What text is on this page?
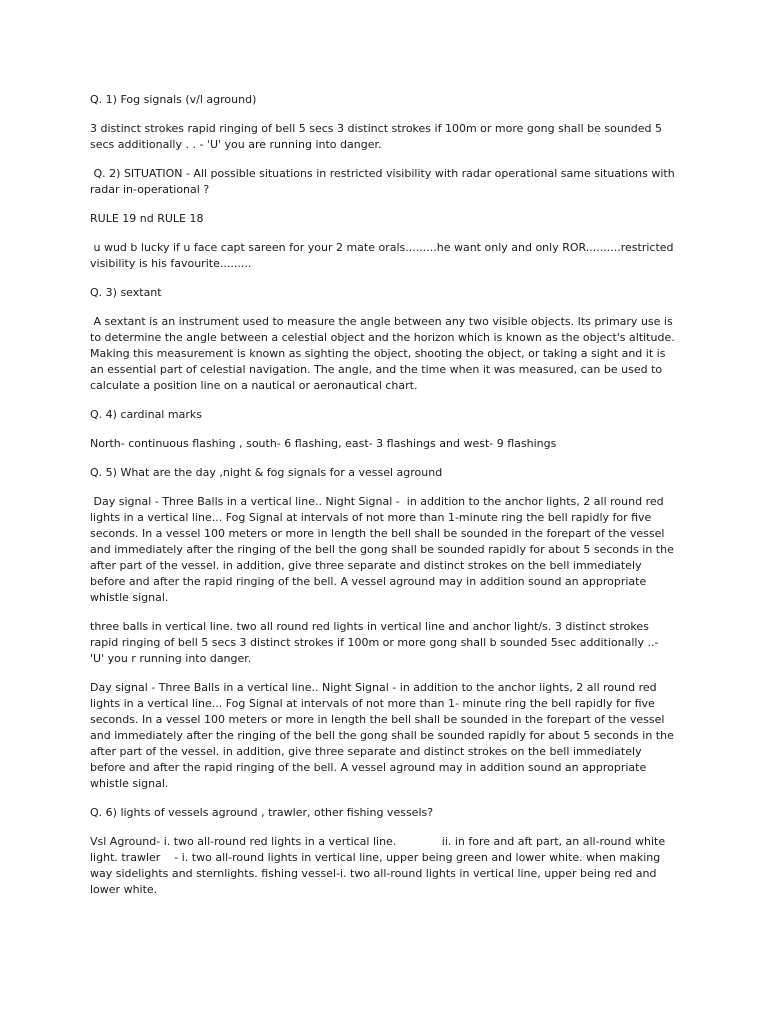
Q. 1) Fog signals (v/l aground)

3 distinct strokes rapid ringing of bell 5 secs 3 distinct strokes if 100m or more gong shall be sounded 5 secs additionally . . - 'U' you are running into danger.

Q. 2) SITUATION - All possible situations in restricted visibility with radar operational same situations with radar in-operational ?

RULE 19 nd RULE 18

u wud b lucky if u face capt sareen for your 2 mate orals.........he want only and only ROR..........restricted visibility is his favourite.........

Q. 3) sextant

A sextant is an instrument used to measure the angle between any two visible objects. Its primary use is to determine the angle between a celestial object and the horizon which is known as the object's altitude. Making this measurement is known as sighting the object, shooting the object, or taking a sight and it is an essential part of celestial navigation. The angle, and the time when it was measured, can be used to calculate a position line on a nautical or aeronautical chart.

Q. 4) cardinal marks

North- continuous flashing , south- 6 flashing, east- 3 flashings and west- 9 flashings

Q. 5) What are the day ,night & fog signals for a vessel aground

Day signal - Three Balls in a vertical line.. Night Signal -  in addition to the anchor lights, 2 all round red lights in a vertical line... Fog Signal at intervals of not more than 1-minute ring the bell rapidly for five seconds. In a vessel 100 meters or more in length the bell shall be sounded in the forepart of the vessel and immediately after the ringing of the bell the gong shall be sounded rapidly for about 5 seconds in the after part of the vessel. in addition, give three separate and distinct strokes on the bell immediately before and after the rapid ringing of the bell. A vessel aground may in addition sound an appropriate whistle signal.

three balls in vertical line. two all round red lights in vertical line and anchor light/s. 3 distinct strokes rapid ringing of bell 5 secs 3 distinct strokes if 100m or more gong shall b sounded 5sec additionally ..-  'U' you r running into danger.

Day signal - Three Balls in a vertical line.. Night Signal - in addition to the anchor lights, 2 all round red lights in a vertical line... Fog Signal at intervals of not more than 1- minute ring the bell rapidly for five seconds. In a vessel 100 meters or more in length the bell shall be sounded in the forepart of the vessel and immediately after the ringing of the bell the gong shall be sounded rapidly for about 5 seconds in the after part of the vessel. in addition, give three separate and distinct strokes on the bell immediately before and after the rapid ringing of the bell. A vessel aground may in addition sound an appropriate whistle signal.

Q. 6) lights of vessels aground , trawler, other fishing vessels?

Vsl Aground- i. two all-round red lights in a vertical line.             ii. in fore and aft part, an all-round white light. trawler    - i. two all-round lights in vertical line, upper being green and lower white. when making way sidelights and sternlights. fishing vessel-i. two all-round lights in vertical line, upper being red and lower white.
